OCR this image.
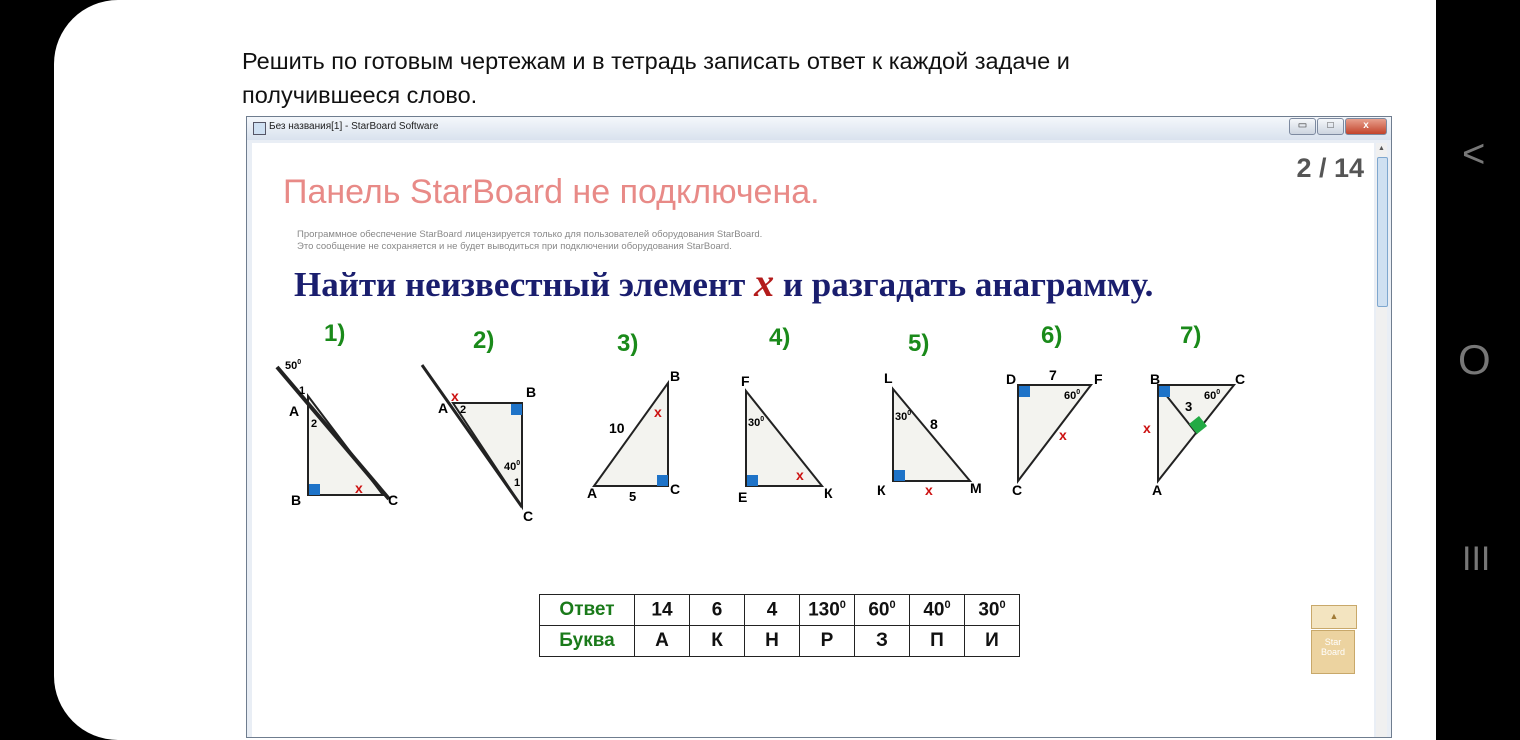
Решить по готовым чертежам и в тетрадь записать ответ к каждой задаче и получившееся слово.
Без названия[1] - StarBoard Software	▭	□	x
2 / 14
Панель StarBoard не подключена.
Программное обеспечение StarBoard лицензируется только для пользователей оборудования StarBoard.
Это сообщение не сохраняется и не будет выводиться при подключении оборудования StarBoard.
Найти неизвестный элемент х и разгадать анаграмму.
1)
$50^0$
1
2
А
В	С
х
2)
х
А 2
В
$40^0$
1
С
3)
В
10
х
А 5 С
4)
F
$30^0$
х
Е	К
5)
L
$30^0$
8
К	х	М
6)
D 7	F
$60^0$
х
С
7)
В	С
3
$60^0$
х
А
Ответ	14	6	4	$130^0$	$60^0$	$40^0$	$30^0$
Буква	А	К	Н	Р	З	П	И
▲
Star Board
▲ <
O
III
